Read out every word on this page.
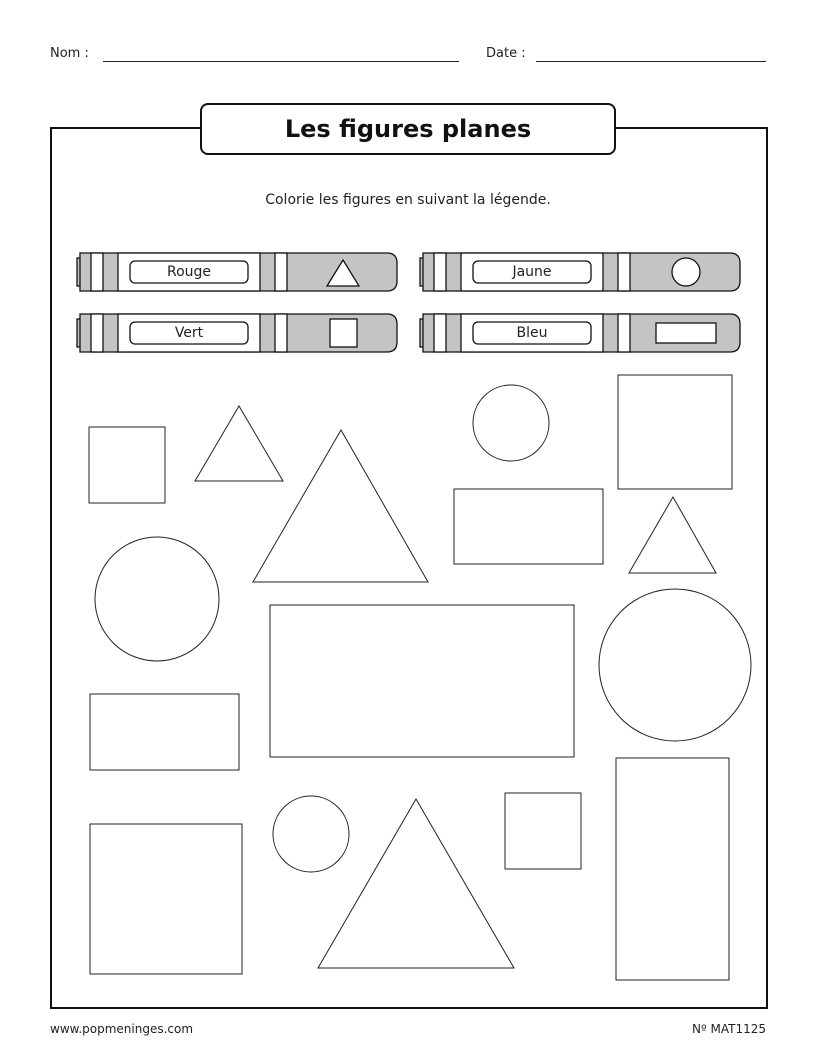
Nom :	Date :
Les figures planes
Colorie les figures en suivant la légende.
Rouge	Jaune
Vert	Bleu
www.popmeninges.com	Nº MAT1125
